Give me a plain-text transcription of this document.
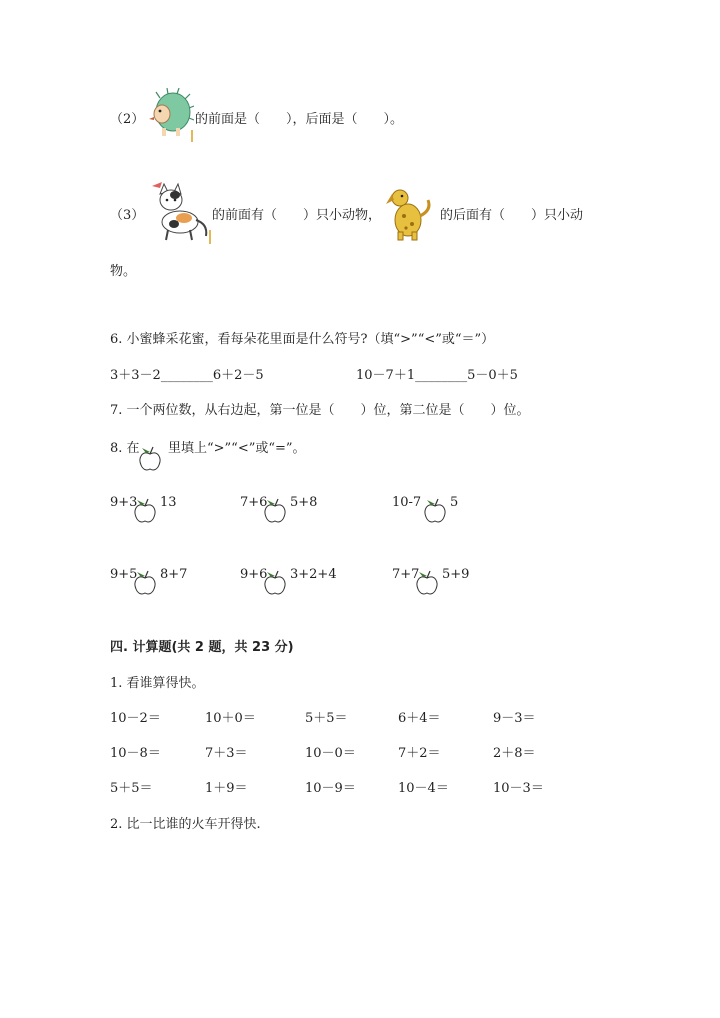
（2）	的前面是（　　），后面是（　　）。
（3）	的前面有（　　）只小动物，	的后面有（　　）只小动
物。
6. 小蜜蜂采花蜜，看每朵花里面是什么符号?（填“>”“<”或“＝”）
3＋3－2________6＋2－5	10－7＋1________5－0＋5
7. 一个两位数，从右边起，第一位是（　　）位，第二位是（　　）位。
8. 在 里填上“>”“<”或“=”。
9+3 13	7+6 5+8	10-7 5
9+5 8+7	9+6 3+2+4	7+7 5+9
四. 计算题(共 2 题，共 23 分)
1. 看谁算得快。
10－2＝	10＋0＝	5＋5＝	6＋4＝	9－3＝
10－8＝	7＋3＝	10－0＝	7＋2＝	2＋8＝
5＋5＝	1＋9＝	10－9＝	10－4＝	10－3＝
2. 比一比谁的火车开得快.
